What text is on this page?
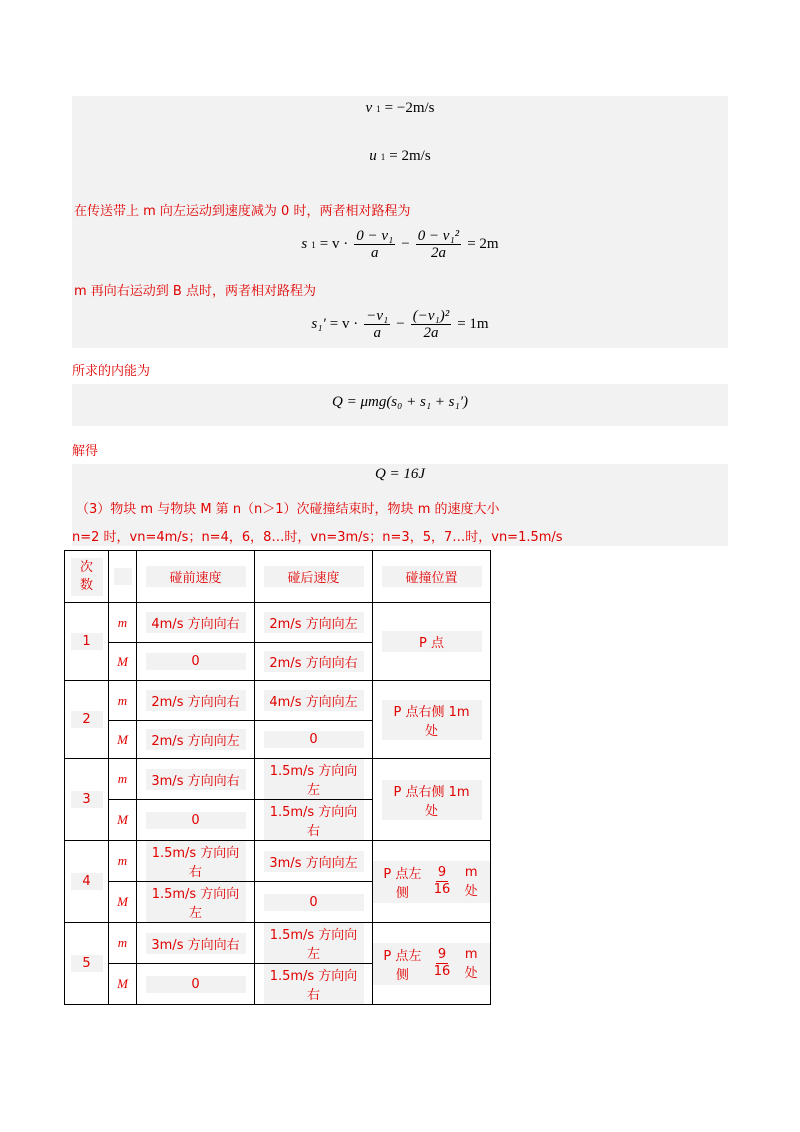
v 1 = −2m/s
u 1 = 2m/s
在传送带上 m 向左运动到速度减为 0 时，两者相对路程为
s $1 = v \cdot \frac{\text{0 − v₁}}{a} - \frac{\text{0 − v₁²}}{2a} = 2m$
m 再向右运动到 B 点时，两者相对路程为
$s_1' = v \cdot \frac{\text{−v₁}}{a} - \frac{\text{(−v₁)²}}{2a} = 1m$
所求的内能为
Q = μmg(s₀ + s₁ + s₁′)
解得
Q = 16J
（3）物块 m 与物块 M 第 n（n＞1）次碰撞结束时，物块 m 的速度大小
n=2 时，vn=4m/s；n=4，6，8…时，vn=3m/s；n=3，5，7…时，vn=1.5m/s
次数		碰前速度	碰后速度	碰撞位置
1	m	4m/s 方向向右	2m/s 方向向左	P 点
	M	0	2m/s 方向向右	
2	m	2m/s 方向向右	4m/s 方向向左	P 点右侧 1m 处
	M	2m/s 方向向左	0	
3	m	3m/s 方向向右	1.5m/s 方向向左	P 点右侧 1m 处
	M	0	1.5m/s 方向向右	
4	m	1.5m/s 方向向右	3m/s 方向向左	P 点左侧 $\frac{9}{16}$ m 处

	M	1.5m/s 方向向左	0	
5	m	3m/s 方向向右	1.5m/s 方向向左	P 点左侧 $\frac{9}{16}$ m 处

	M	0	1.5m/s 方向向右	
